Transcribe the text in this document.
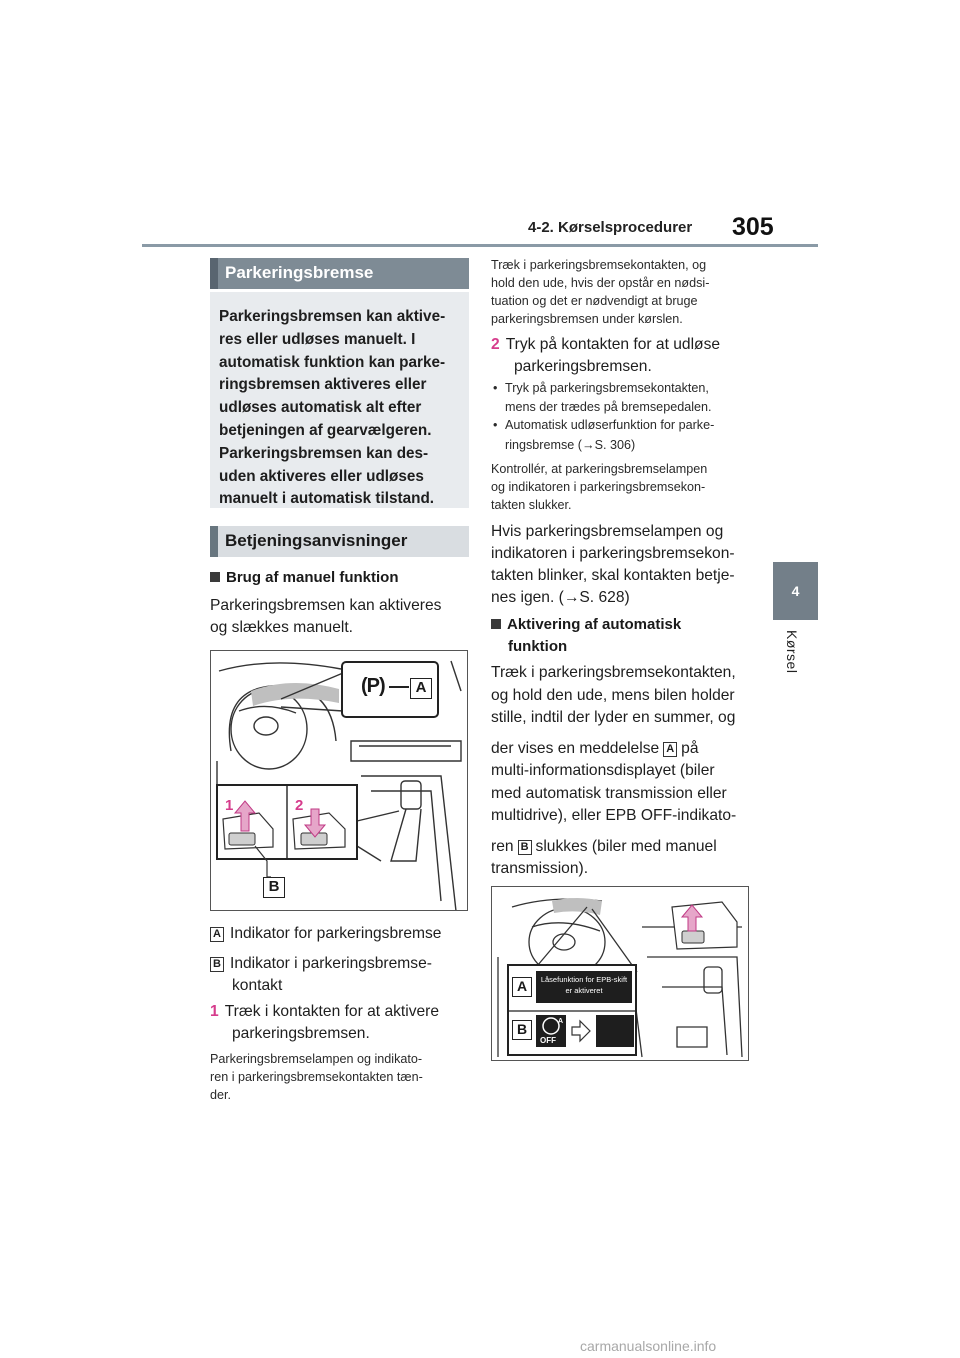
4-2. Kørselsprocedurer 305
4
Kørsel
Parkeringsbremse
Parkeringsbremsen kan aktive-
res eller udløses manuelt. I
automatisk funktion kan parke-
ringsbremsen aktiveres eller
udløses automatisk alt efter
betjeningen af gearvælgeren.
Parkeringsbremsen kan des-
uden aktiveres eller udløses
manuelt i automatisk tilstand.
Betjeningsanvisninger
Brug af manuel funktion
Parkeringsbremsen kan aktiveres
og slækkes manuelt.
(P)	A
1	2
B
A Indikator for parkeringsbremse
B Indikator i parkeringsbremse-
kontakt
1 Træk i kontakten for at aktivere
parkeringsbremsen.
Parkeringsbremselampen og indikato-
ren i parkeringsbremsekontakten tæn-
der.
Træk i parkeringsbremsekontakten, og
hold den ude, hvis der opstår en nødsi-
tuation og det er nødvendigt at bruge
parkeringsbremsen under kørslen.
2 Tryk på kontakten for at udløse
parkeringsbremsen.
• Tryk på parkeringsbremsekontakten,
mens der trædes på bremsepedalen.
• Automatisk udløserfunktion for parke-
ringsbremse (→S. 306)
Kontrollér, at parkeringsbremselampen
og indikatoren i parkeringsbremsekon-
takten slukker.
Hvis parkeringsbremselampen og
indikatoren i parkeringsbremsekon-
takten blinker, skal kontakten betje-
nes igen. (→S. 628)
Aktivering af automatisk
funktion
Træk i parkeringsbremsekontakten,
og hold den ude, mens bilen holder
stille, indtil der lyder en summer, og
der vises en meddelelse A på
multi-informationsdisplayet (biler
med automatisk transmission eller
multidrive), eller EPB OFF-indikato-
ren B slukkes (biler med manuel
transmission).
A
B
Låsefunktion for EPB-skift
er aktiveret
A
OFF
carmanualsonline.info
